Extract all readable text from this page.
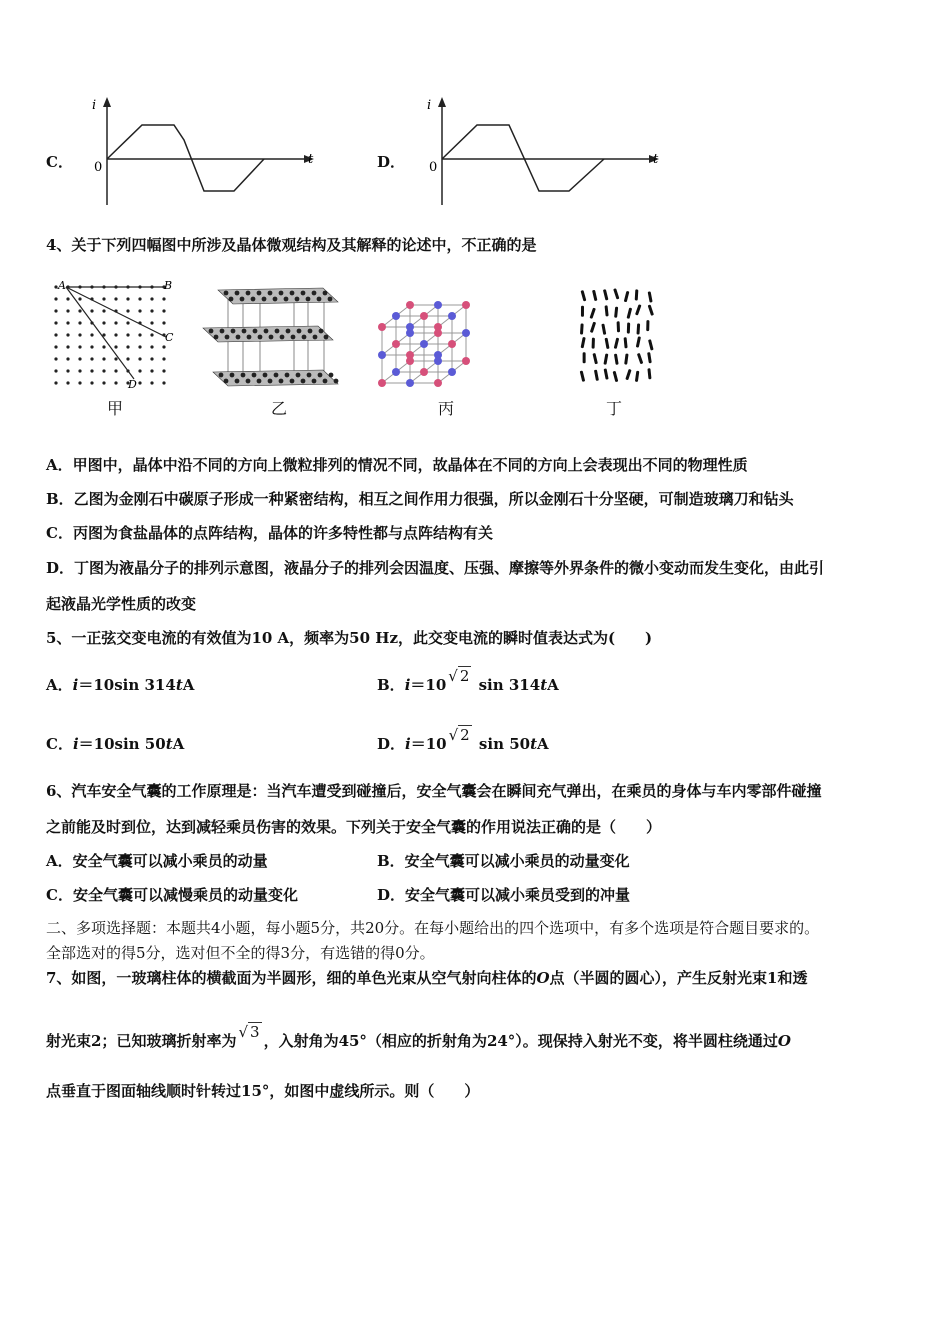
C．
i
0
t	D．
i
0
t
4、关于下列四幅图中所涉及晶体微观结构及其解释的论述中，不正确的是
A	B
C
D
甲	乙	丙	丁
A．甲图中，晶体中沿不同的方向上微粒排列的情况不同，故晶体在不同的方向上会表现出不同的物理性质
B．乙图为金刚石中碳原子形成一种紧密结构，相互之间作用力很强，所以金刚石十分坚硬，可制造玻璃刀和钻头
C．丙图为食盐晶体的点阵结构，晶体的许多特性都与点阵结构有关
D．丁图为液晶分子的排列示意图，液晶分子的排列会因温度、压强、摩擦等外界条件的微小变动而发生变化，由此引
起液晶光学性质的改变
5、一正弦交变电流的有效值为10 A，频率为50 Hz，此交变电流的瞬时值表达式为(　　)
A．i＝10sin 314tA	B．i＝10 √ 2 sin 314tA
C．i＝10sin 50tA	D．i＝10 √ 2 sin 50tA
6、汽车安全气囊的工作原理是：当汽车遭受到碰撞后，安全气囊会在瞬间充气弹出，在乘员的身体与车内零部件碰撞
之前能及时到位，达到减轻乘员伤害的效果。下列关于安全气囊的作用说法正确的是（　　）
A．安全气囊可以减小乘员的动量	B．安全气囊可以减小乘员的动量变化
C．安全气囊可以减慢乘员的动量变化	D．安全气囊可以减小乘员受到的冲量
二、多项选择题：本题共4小题，每小题5分，共20分。在每小题给出的四个选项中，有多个选项是符合题目要求的。
全部选对的得5分，选对但不全的得3分，有选错的得0分。
7、如图，一玻璃柱体的横截面为半圆形，细的单色光束从空气射向柱体的O点（半圆的圆心），产生反射光束1和透
射光束2；已知玻璃折射率为 √ 3 ，入射角为45°（相应的折射角为24°）。现保持入射光不变，将半圆柱绕通过O
点垂直于图面轴线顺时针转过15°，如图中虚线所示。则（　　）
